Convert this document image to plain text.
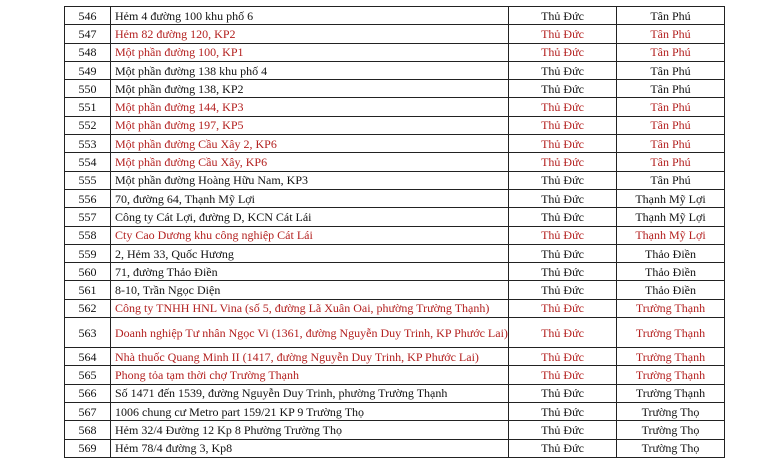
546	Hẻm 4 đường 100 khu phố 6	Thủ Đức	Tân Phú
547	Hẻm 82 đường 120, KP2	Thủ Đức	Tân Phú
548	Một phần đường 100, KP1	Thủ Đức	Tân Phú
549	Một phần đường 138 khu phố 4	Thủ Đức	Tân Phú
550	Một phần đường 138, KP2	Thủ Đức	Tân Phú
551	Một phần đường 144, KP3	Thủ Đức	Tân Phú
552	Một phần đường 197, KP5	Thủ Đức	Tân Phú
553	Một phần đường Cầu Xây 2, KP6	Thủ Đức	Tân Phú
554	Một phần đường Cầu Xây, KP6	Thủ Đức	Tân Phú
555	Một phần đường Hoàng Hữu Nam, KP3	Thủ Đức	Tân Phú
556	70, đường 64, Thạnh Mỹ Lợi	Thủ Đức	Thạnh Mỹ Lợi
557	Công ty Cát Lợi, đường D, KCN Cát Lái	Thủ Đức	Thạnh Mỹ Lợi
558	Cty Cao Dương khu công nghiệp Cát Lái	Thủ Đức	Thạnh Mỹ Lợi
559	2, Hẻm 33, Quốc Hương	Thủ Đức	Thảo Điền
560	71, đường Thảo Điền	Thủ Đức	Thảo Điền
561	8-10, Trần Ngọc Diện	Thủ Đức	Thảo Điền
562	Công ty TNHH HNL Vina (số 5, đường Lã Xuân Oai, phường Trường Thạnh)	Thủ Đức	Trường Thạnh
563	Doanh nghiệp Tư nhân Ngọc Vi (1361, đường Nguyễn Duy Trinh, KP Phước Lai)	Thủ Đức	Trường Thạnh
564	Nhà thuốc Quang Minh II (1417, đường Nguyễn Duy Trinh, KP Phước Lai)	Thủ Đức	Trường Thạnh
565	Phong tỏa tạm thời chợ Trường Thạnh	Thủ Đức	Trường Thạnh
566	Số 1471 đến 1539, đường Nguyễn Duy Trinh, phường Trường Thạnh	Thủ Đức	Trường Thạnh
567	1006 chung cư Metro part 159/21 KP 9 Trường Thọ	Thủ Đức	Trường Thọ
568	Hẻm 32/4 Đường 12 Kp 8 Phường Trường Thọ	Thủ Đức	Trường Thọ
569	Hẻm 78/4 đường 3, Kp8	Thủ Đức	Trường Thọ
